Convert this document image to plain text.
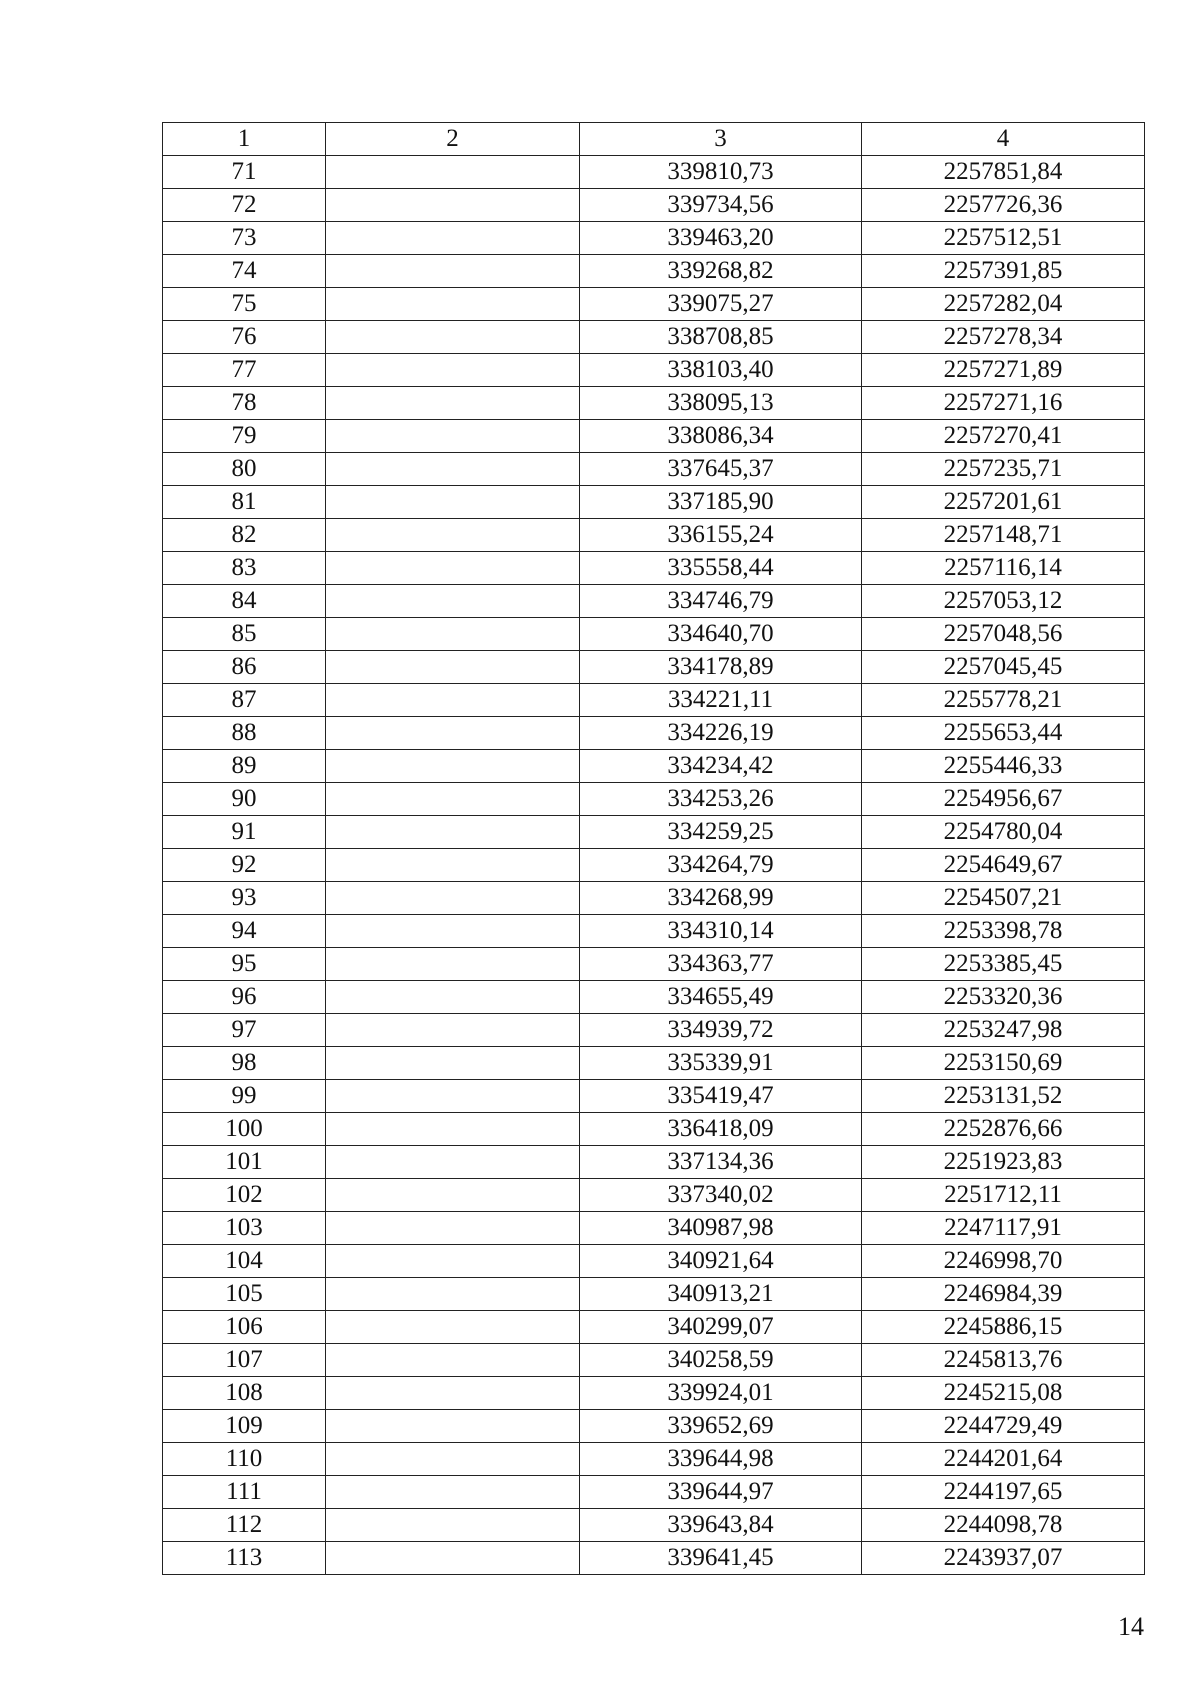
1	2	3	4
71		339810,73	2257851,84
72		339734,56	2257726,36
73		339463,20	2257512,51
74		339268,82	2257391,85
75		339075,27	2257282,04
76		338708,85	2257278,34
77		338103,40	2257271,89
78		338095,13	2257271,16
79		338086,34	2257270,41
80		337645,37	2257235,71
81		337185,90	2257201,61
82		336155,24	2257148,71
83		335558,44	2257116,14
84		334746,79	2257053,12
85		334640,70	2257048,56
86		334178,89	2257045,45
87		334221,11	2255778,21
88		334226,19	2255653,44
89		334234,42	2255446,33
90		334253,26	2254956,67
91		334259,25	2254780,04
92		334264,79	2254649,67
93		334268,99	2254507,21
94		334310,14	2253398,78
95		334363,77	2253385,45
96		334655,49	2253320,36
97		334939,72	2253247,98
98		335339,91	2253150,69
99		335419,47	2253131,52
100		336418,09	2252876,66
101		337134,36	2251923,83
102		337340,02	2251712,11
103		340987,98	2247117,91
104		340921,64	2246998,70
105		340913,21	2246984,39
106		340299,07	2245886,15
107		340258,59	2245813,76
108		339924,01	2245215,08
109		339652,69	2244729,49
110		339644,98	2244201,64
111		339644,97	2244197,65
112		339643,84	2244098,78
113		339641,45	2243937,07
14
